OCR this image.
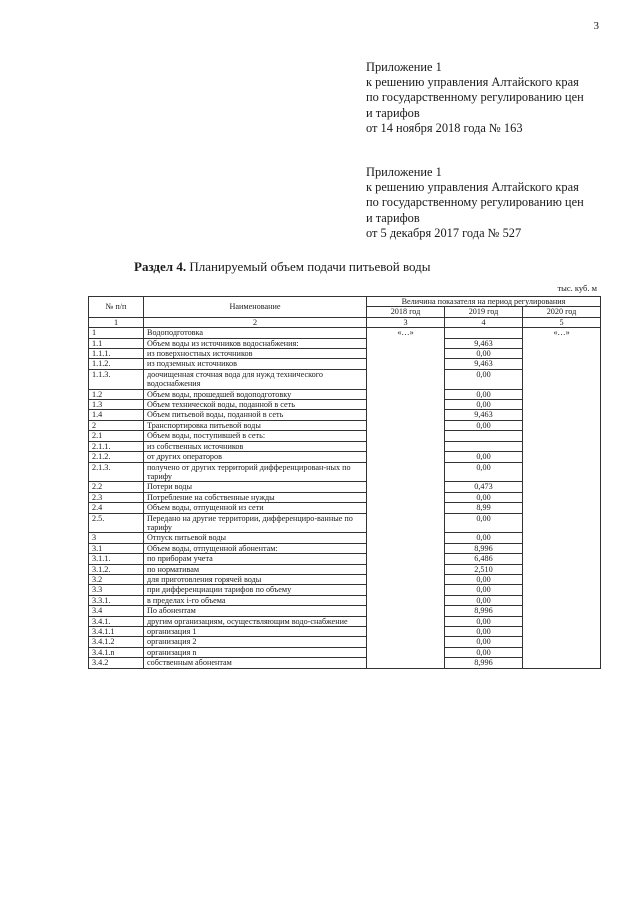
3
Приложение 1
к решению управления Алтайского края
по государственному регулированию цен
и тарифов
от 14 ноября 2018 года № 163
Приложение 1
к решению управления Алтайского края
по государственному регулированию цен
и тарифов
от 5 декабря 2017 года № 527
Раздел 4. Планируемый объем подачи питьевой воды
тыс. куб. м
№ п/п	Наименование	Величина показателя на период регулирования		
		2018 год	2019 год	2020 год
1	2	3	4	5
1	Водоподготовка	«…»		«…»
1.1	Объем воды из источников водоснабжения:		9,463	
1.1.1.	из поверхностных источников		0,00	
1.1.2.	из подземных источников		9,463	
1.1.3.	доочищенная сточная вода для нужд технического водоснабжения		0,00	
1.2	Объем воды, прошедшей водоподготовку		0,00	
1.3	Объем технической воды, поданной в сеть		0,00	
1.4	Объем питьевой воды, поданной в сеть		9,463	
2	Транспортировка питьевой воды		0,00	
2.1	Объем воды, поступившей в сеть:			
2.1.1.	из собственных источников			
2.1.2.	от других операторов		0,00	
2.1.3.	получено от других территорий дифференцирован-ных по тарифу		0,00	
2.2	Потери воды		0,473	
2.3	Потребление на собственные нужды		0,00	
2.4	Объем воды, отпущенной из сети		8,99	
2.5.	Передано на другие территории, дифференциро-ванные по тарифу		0,00	
3	Отпуск питьевой воды		0,00	
3.1	Объем воды, отпущенной абонентам:		8,996	
3.1.1.	по приборам учета		6,486	
3.1.2.	по нормативам		2,510	
3.2	для приготовления горячей воды		0,00	
3.3	при дифференциации тарифов по объему		0,00	
3.3.1.	в пределах i-го объема		0,00	
3.4	По абонентам		8,996	
3.4.1.	другим организациям, осуществляющим водо-снабжение		0,00	
3.4.1.1	организация 1		0,00	
3.4.1.2	организация 2		0,00	
3.4.1.n	организация n		0,00	
3.4.2	собственным абонентам		8,996	
